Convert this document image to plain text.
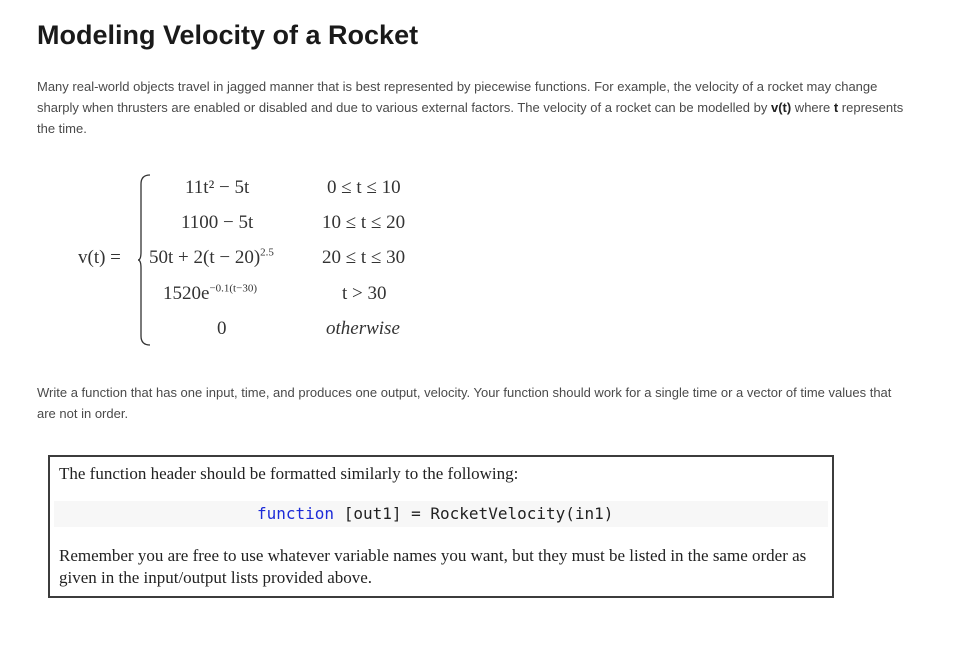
Modeling Velocity of a Rocket

Many real-world objects travel in jagged manner that is best represented by piecewise functions. For example, the velocity of a rocket may change sharply when thrusters are enabled or disabled and due to various external factors. The velocity of a rocket can be modelled by v(t) where t represents the time.

v(t) =
11t² − 5t
1100 − 5t
$50t + 2(t - 20)^{2.5}$
$1520e^{-0.1(t-30)}$
0
0 ≤ t ≤ 10
10 ≤ t ≤ 20
20 ≤ t ≤ 30
t > 30
otherwise

Write a function that has one input, time, and produces one output, velocity. Your function should work for a single time or a vector of time values that are not in order.

The function header should be formatted similarly to the following:

function [out1] = RocketVelocity(in1)

Remember you are free to use whatever variable names you want, but they must be listed in the same order as given in the input/output lists provided above.
